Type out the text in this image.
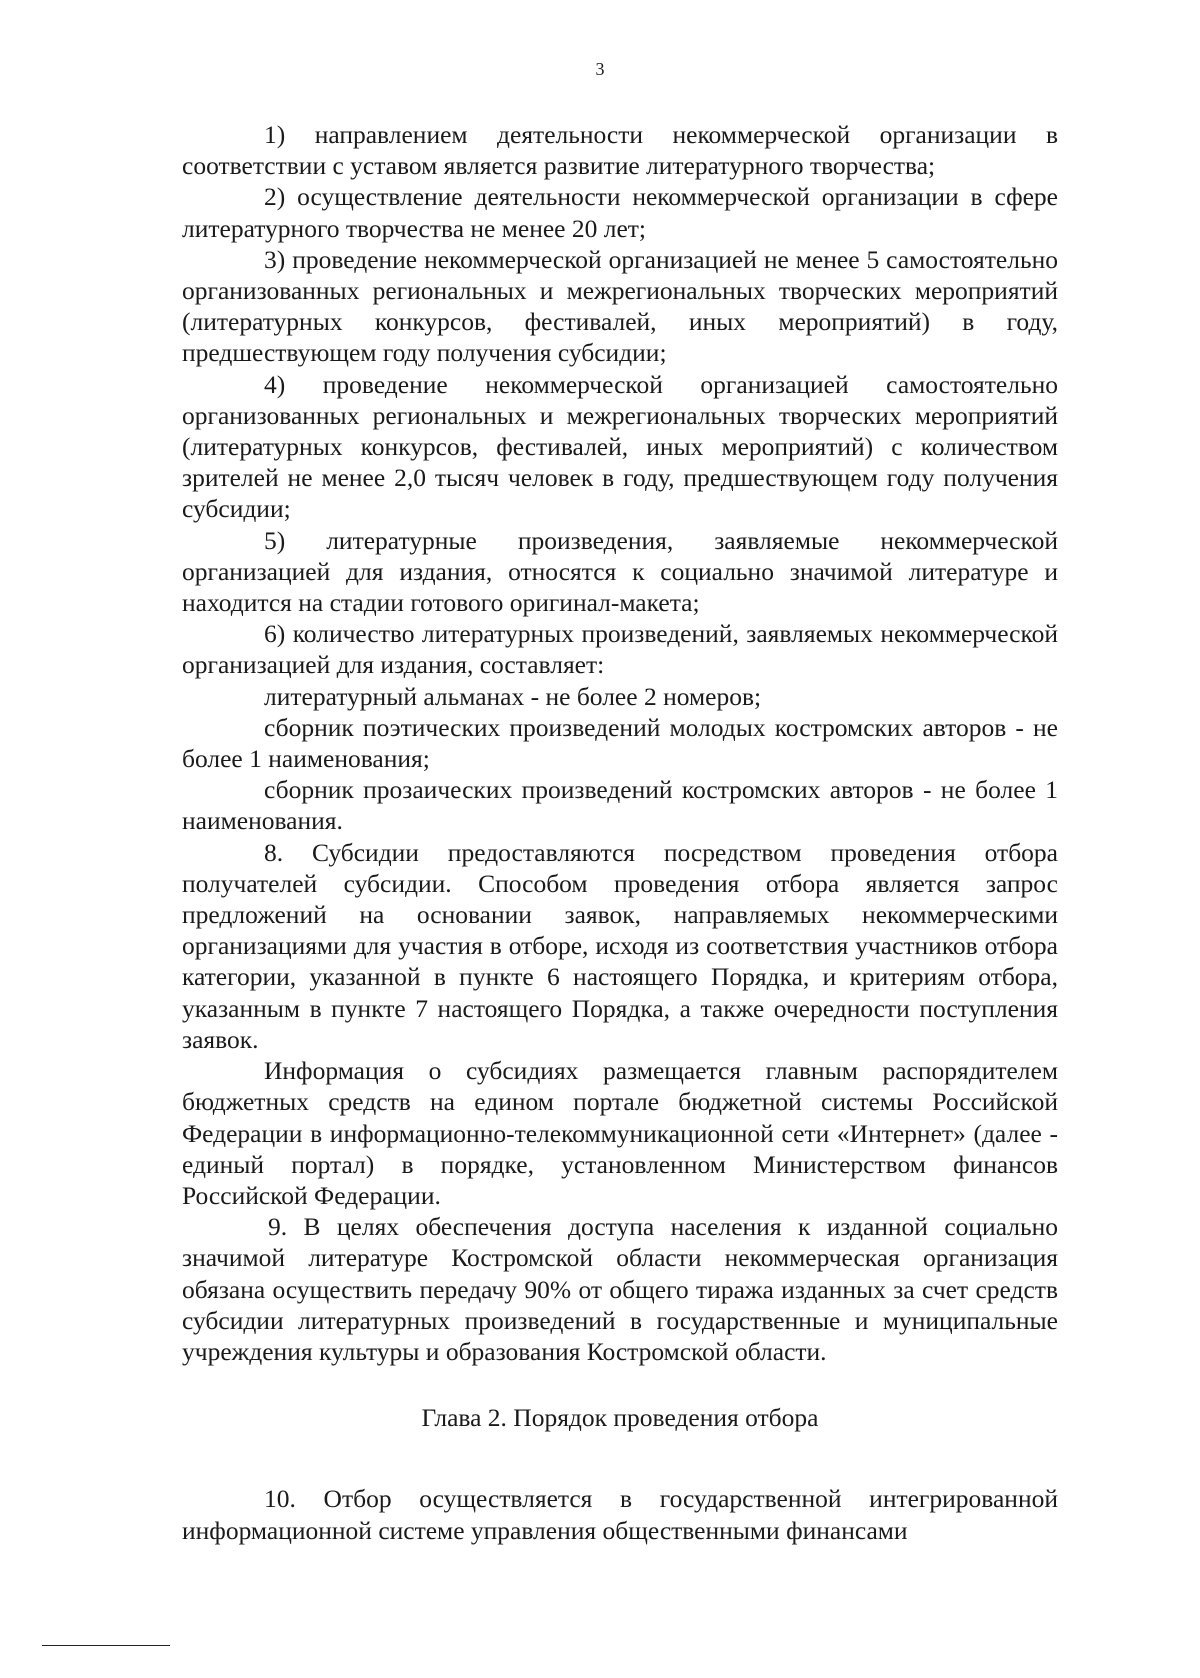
3

1) направлением деятельности некоммерческой организации в соответствии с уставом является развитие литературного творчества;

2) осуществление деятельности некоммерческой организации в сфере литературного творчества не менее 20 лет;

3) проведение некоммерческой организацией не менее 5 самостоятельно организованных региональных и межрегиональных творческих мероприятий (литературных конкурсов, фестивалей, иных мероприятий) в году, предшествующем году получения субсидии;

4) проведение некоммерческой организацией самостоятельно организованных региональных и межрегиональных творческих мероприятий (литературных конкурсов, фестивалей, иных мероприятий) с количеством зрителей не менее 2,0 тысяч человек в году, предшествующем году получения субсидии;

5) литературные произведения, заявляемые некоммерческой организацией для издания, относятся к социально значимой литературе и находится на стадии готового оригинал-макета;

6) количество литературных произведений, заявляемых некоммерческой организацией для издания, составляет:

литературный альманах - не более 2 номеров;

сборник поэтических произведений молодых костромских авторов - не более 1 наименования;

сборник прозаических произведений костромских авторов - не более 1 наименования.

8. Субсидии предоставляются посредством проведения отбора получателей субсидии. Способом проведения отбора является запрос предложений на основании заявок, направляемых некоммерческими организациями для участия в отборе, исходя из соответствия участников отбора категории, указанной в пункте 6 настоящего Порядка, и критериям отбора, указанным в пункте 7 настоящего Порядка, а также очередности поступления заявок.

Информация о субсидиях размещается главным распорядителем бюджетных средств на едином портале бюджетной системы Российской Федерации в информационно-телекоммуникационной сети «Интернет» (далее - единый портал) в порядке, установленном Министерством финансов Российской Федерации.

9. В целях обеспечения доступа населения к изданной социально значимой литературе Костромской области некоммерческая организация обязана осуществить передачу 90% от общего тиража изданных за счет средств субсидии литературных произведений в государственные и муниципальные учреждения культуры и образования Костромской области.

Глава 2. Порядок проведения отбора

10. Отбор осуществляется в государственной интегрированной информационной системе управления общественными финансами
